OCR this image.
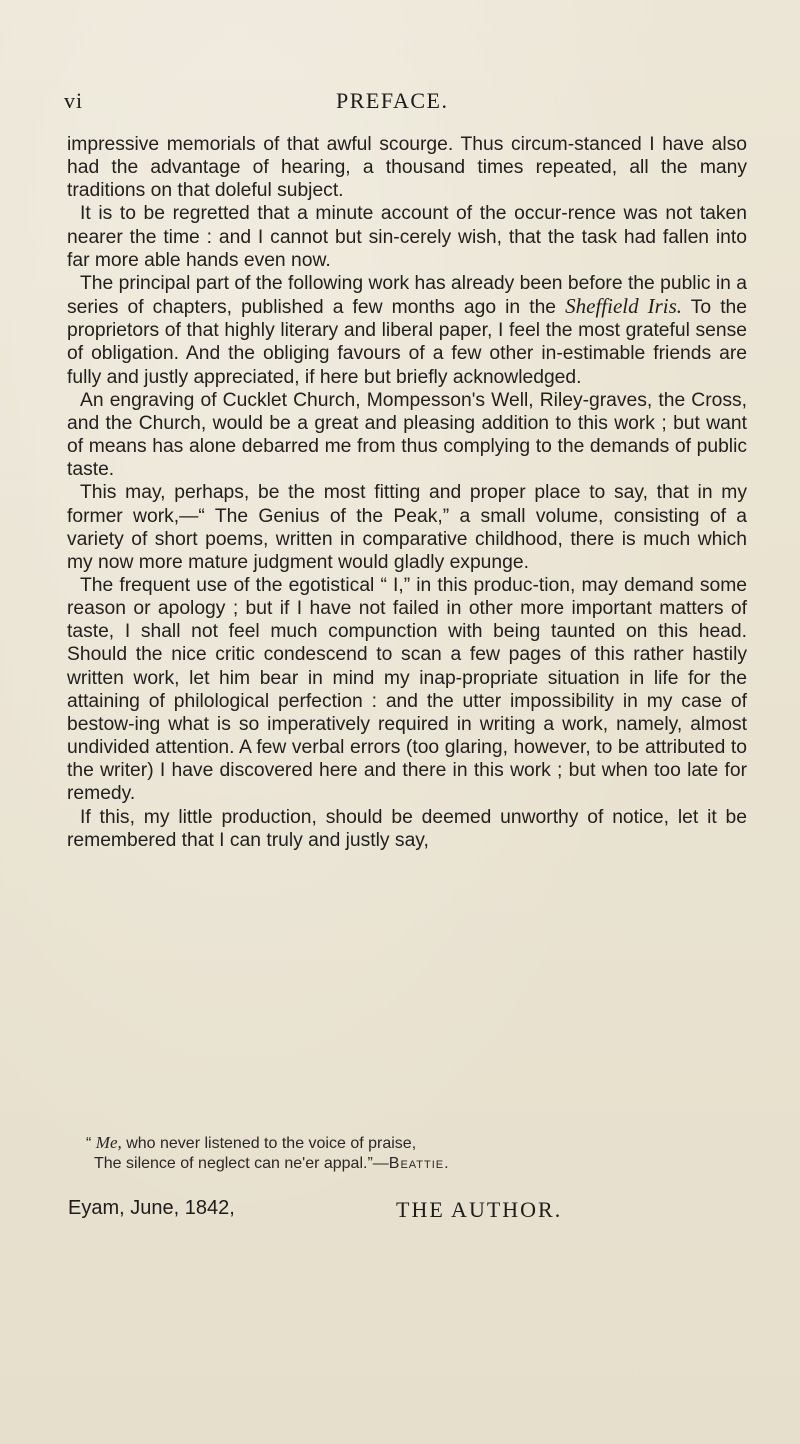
vi	PREFACE.

impressive memorials of that awful scourge. Thus circum-stanced I have also had the advantage of hearing, a thousand times repeated, all the many traditions on that doleful subject.

It is to be regretted that a minute account of the occur-rence was not taken nearer the time : and I cannot but sin-cerely wish, that the task had fallen into far more able hands even now.

The principal part of the following work has already been before the public in a series of chapters, published a few months ago in the Sheffield Iris. To the proprietors of that highly literary and liberal paper, I feel the most grateful sense of obligation. And the obliging favours of a few other in-estimable friends are fully and justly appreciated, if here but briefly acknowledged.

An engraving of Cucklet Church, Mompesson's Well, Riley-graves, the Cross, and the Church, would be a great and pleasing addition to this work ; but want of means has alone debarred me from thus complying to the demands of public taste.

This may, perhaps, be the most fitting and proper place to say, that in my former work,—“ The Genius of the Peak,” a small volume, consisting of a variety of short poems, written in comparative childhood, there is much which my now more mature judgment would gladly expunge.

The frequent use of the egotistical “ I,” in this produc-tion, may demand some reason or apology ; but if I have not failed in other more important matters of taste, I shall not feel much compunction with being taunted on this head. Should the nice critic condescend to scan a few pages of this rather hastily written work, let him bear in mind my inap-propriate situation in life for the attaining of philological perfection : and the utter impossibility in my case of bestow-ing what is so imperatively required in writing a work, namely, almost undivided attention. A few verbal errors (too glaring, however, to be attributed to the writer) I have discovered here and there in this work ; but when too late for remedy.

If this, my little production, should be deemed unworthy of notice, let it be remembered that I can truly and justly say,

“ Me, who never listened to the voice of praise,
The silence of neglect can ne'er appal.”—Beattie.
Eyam, June, 1842,	THE AUTHOR.
